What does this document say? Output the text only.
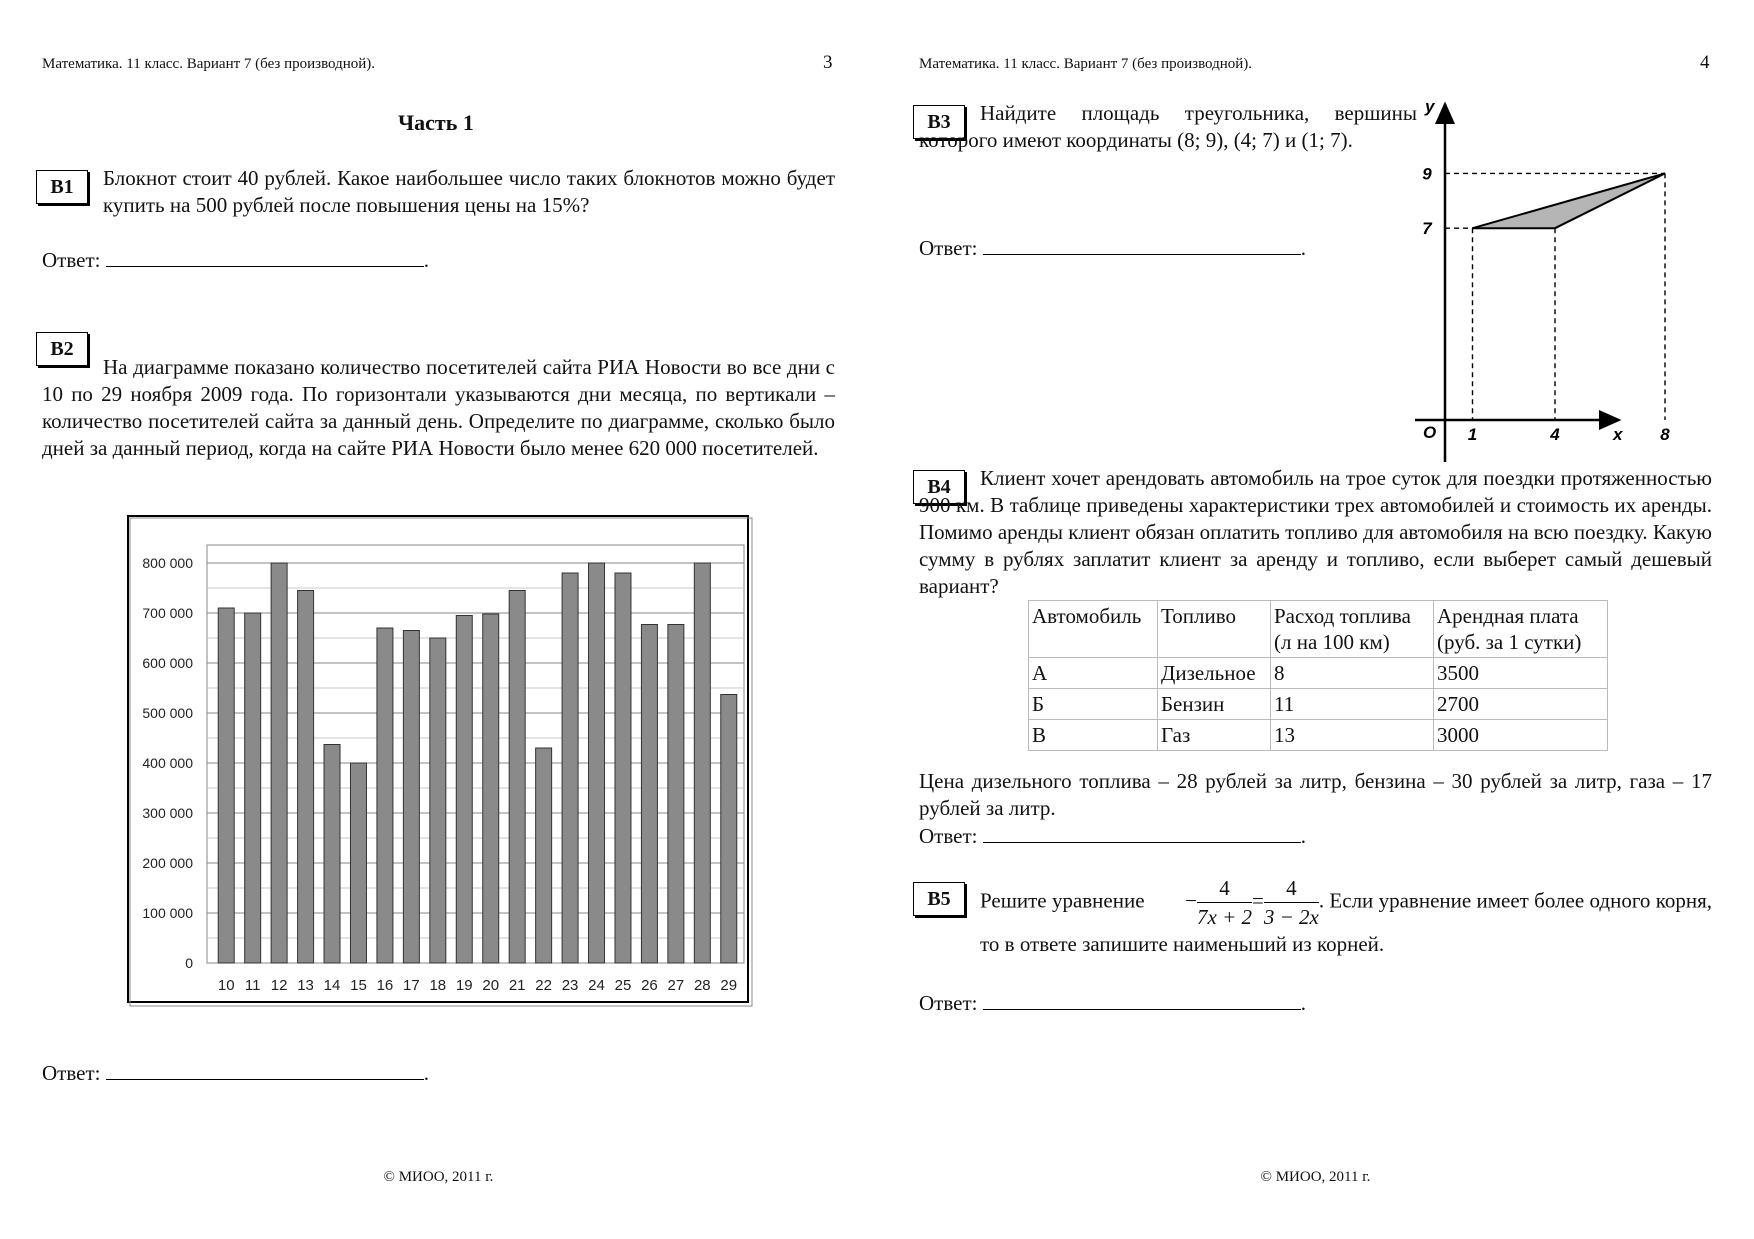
Математика. 11 класс. Вариант 7 (без производной).	3
Часть 1
B1	Блокнот стоит 40 рублей. Какое наибольшее число таких блокнотов можно будет купить на 500 рублей после повышения цены на 15%?
Ответ:	.
B2
На диаграмме показано количество посетителей сайта РИА Новости во все дни с 10 по 29 ноября 2009 года. По горизонтали указываются дни месяца, по вертикали – количество посетителей сайта за данный день. Определите по диаграмме, сколько было дней за данный период, когда на сайте РИА Новости было менее 620 000 посетителей.
0
100 000
200 000
300 000
400 000
500 000
600 000
700 000
800 000
10 11 12 13 14 15 16 17 18 19 20 21 22 23 24 25 26 27 28 29
Ответ:	.
© МИОО, 2011 г.
Математика. 11 класс. Вариант 7 (без производной).	4
B3	Найдите площадь треугольника, вершины которого имеют координаты (8; 9), (4; 7) и (1; 7).
Ответ:	.
1	4	8
7
9
O	x
y
B4	Клиент хочет арендовать автомобиль на трое суток для поездки протяженностью 900 км. В таблице приведены характеристики трех автомобилей и стоимость их аренды. Помимо аренды клиент обязан оплатить топливо для автомобиля на всю поездку. Какую сумму в рублях заплатит клиент за аренду и топливо, если выберет самый дешевый вариант?
Автомобиль	Топливо	Расход топлива (л на 100 км)	Арендная плата (руб. за 1 сутки)
А	Дизельное	8	3500
Б	Бензин	11	2700
В	Газ	13	3000
Цена дизельного топлива – 28 рублей за литр, бензина – 30 рублей за литр, газа – 17 рублей за литр.
Ответ:	.
B5	Решите уравнение − $\frac{4}{7x + 2} = \frac{4}{3 - 2x}$ . Если уравнение имеет более одного корня, то в ответе запишите наименьший из корней.
Ответ:	.
© МИОО, 2011 г.
